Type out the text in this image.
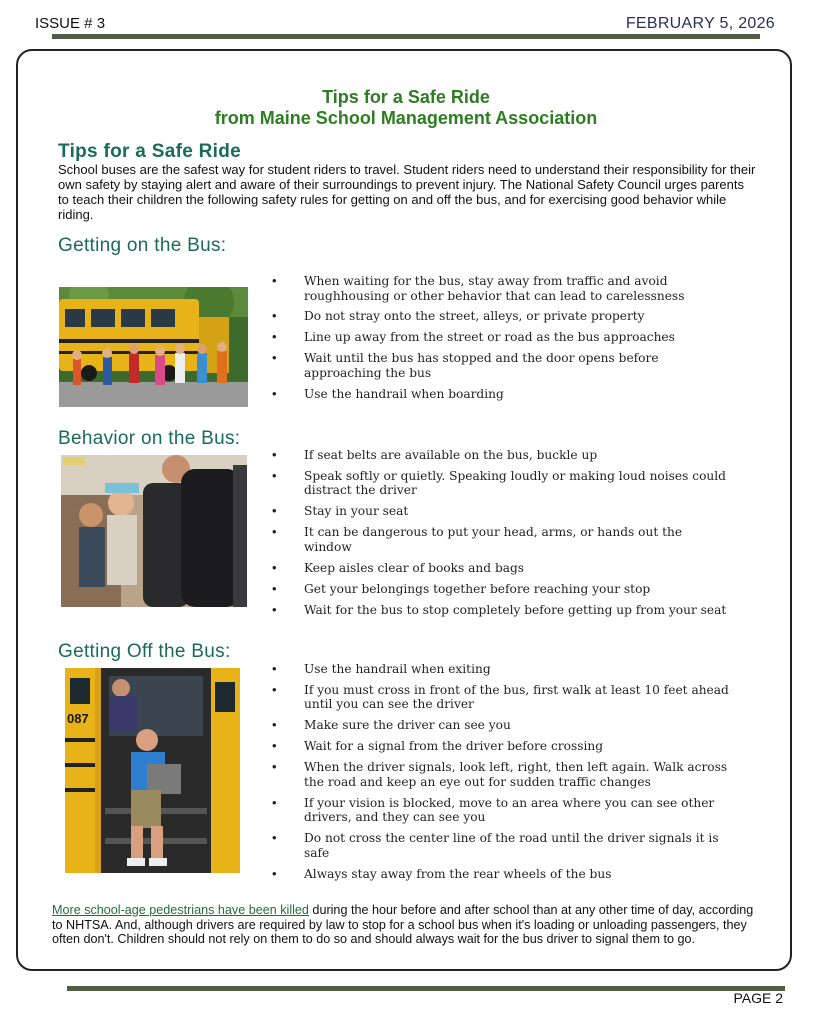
ISSUE # 3	FEBRUARY 5, 2026
Tips for a Safe Ride
from Maine School Management Association
Tips for a Safe Ride
School buses are the safest way for student riders to travel. Student riders need to understand their responsibility for their own safety by staying alert and aware of their surroundings to prevent injury. The National Safety Council urges parents to teach their children the following safety rules for getting on and off the bus, and for exercising good behavior while riding.
Getting on the Bus:
• When waiting for the bus, stay away from traffic and avoid roughhousing or other behavior that can lead to carelessness
• Do not stray onto the street, alleys, or private property
• Line up away from the street or road as the bus approaches
• Wait until the bus has stopped and the door opens before approaching the bus
• Use the handrail when boarding
Behavior on the Bus:
• If seat belts are available on the bus, buckle up
• Speak softly or quietly. Speaking loudly or making loud noises could distract the driver
• Stay in your seat
• It can be dangerous to put your head, arms, or hands out the window
• Keep aisles clear of books and bags
• Get your belongings together before reaching your stop
• Wait for the bus to stop completely before getting up from your seat
Getting Off the Bus:
087
• Use the handrail when exiting
• If you must cross in front of the bus, first walk at least 10 feet ahead until you can see the driver
• Make sure the driver can see you
• Wait for a signal from the driver before crossing
• When the driver signals, look left, right, then left again. Walk across the road and keep an eye out for sudden traffic changes
• If your vision is blocked, move to an area where you can see other drivers, and they can see you
• Do not cross the center line of the road until the driver signals it is safe
• Always stay away from the rear wheels of the bus
More school-age pedestrians have been killed during the hour before and after school than at any other time of day, according to NHTSA. And, although drivers are required by law to stop for a school bus when it's loading or unloading passengers, they often don't. Children should not rely on them to do so and should always wait for the bus driver to signal them to go.
PAGE 2
